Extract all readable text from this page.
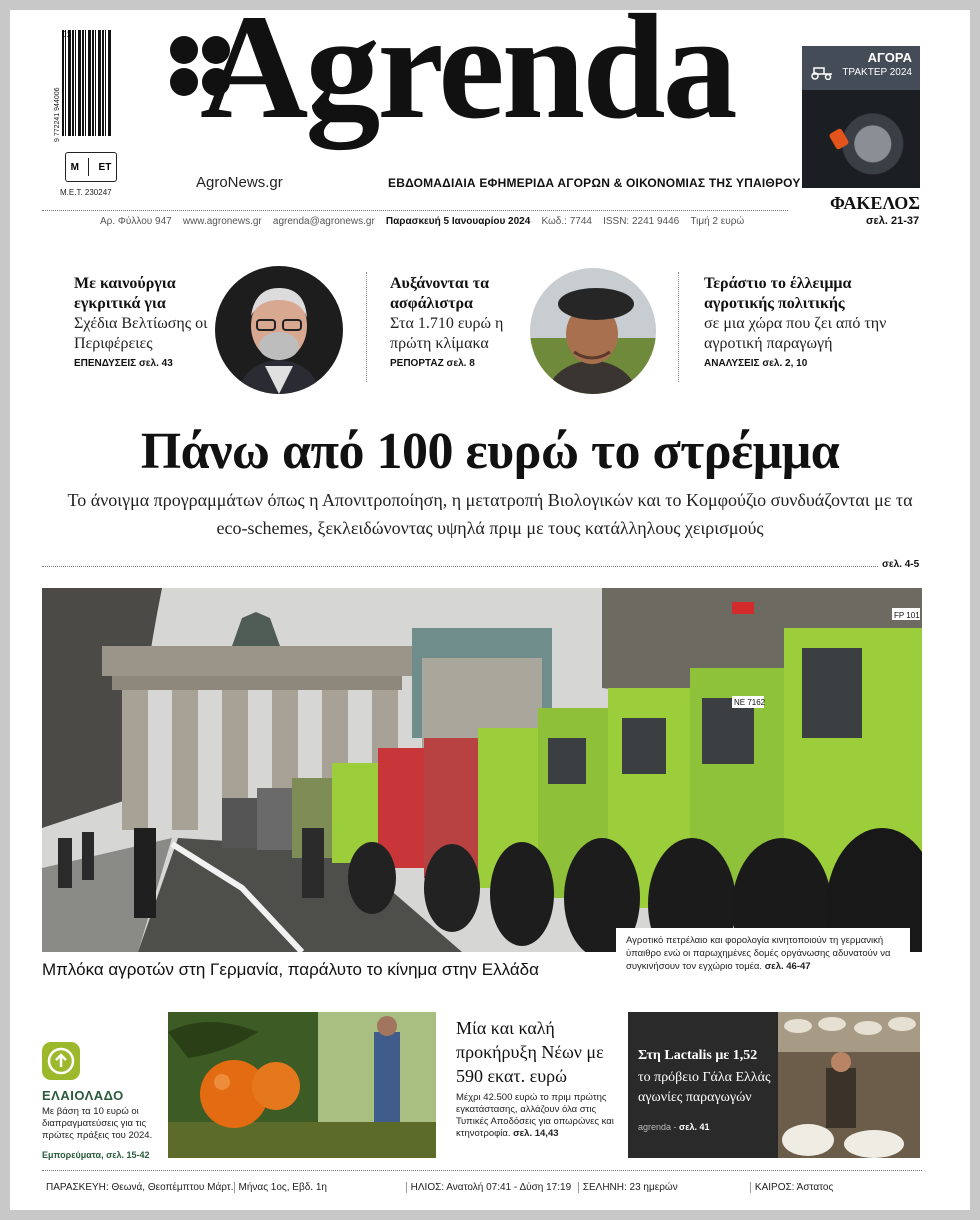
9 772241 944006
01
Μ ΕΤ
Μ.Ε.Τ. 230247
Agrenda
AgroNews.gr	ΕΒΔΟΜΑΔΙΑΙΑ ΕΦΗΜΕΡΙΔΑ ΑΓΟΡΩΝ & ΟΙΚΟΝΟΜΙΑΣ ΤΗΣ ΥΠΑΙΘΡΟΥ
Αρ. Φύλλου 947 www.agronews.gr agrenda@agronews.gr Παρασκευή 5 Ιανουαρίου 2024 Κωδ.: 7744 ISSN: 2241 9446 Τιμή 2 ευρώ
ΑΓΟΡΑ
ΤΡΑΚΤΕΡ 2024
ΦΑΚΕΛΟΣ
σελ. 21-37
Με καινούργια εγκριτικά για
Σχέδια Βελτίωσης οι Περιφέρειες
ΕΠΕΝΔΥΣΕΙΣ σελ. 43
Αυξάνονται τα ασφάλιστρα
Στα 1.710 ευρώ η πρώτη κλίμακα
ΡΕΠΟΡΤΑΖ σελ. 8
Τεράστιο το έλλειμμα αγροτικής πολιτικής
σε μια χώρα που ζει από την αγροτική παραγωγή
ΑΝΑΛΥΣΕΙΣ σελ. 2, 10
Πάνω από 100 ευρώ το στρέμμα
Το άνοιγμα προγραμμάτων όπως η Απονιτροποίηση, η μετατροπή Βιολογικών και το Κομφούζιο συνδυάζονται με τα eco-schemes, ξεκλειδώνοντας υψηλά πριμ με τους κατάλληλους χειρισμούς
σελ. 4-5
FP 101
NE 7162
Μπλόκα αγροτών στη Γερμανία, παράλυτο το κίνημα στην Ελλάδα
Αγροτικό πετρέλαιο και φορολογία κινητοποιούν τη γερμανική ύπαιθρο ενώ οι παρωχημένες δομές οργάνωσης αδυνατούν να συγκινήσουν τον εγχώριο τομέα. σελ. 46-47
ΕΛΑΙΟΛΑΔΟ
Με βάση τα 10 ευρώ οι διαπραγματεύσεις για τις πρώτες πράξεις του 2024.
Εμπορεύματα, σελ. 15-42
Μία και καλή προκήρυξη Νέων με 590 εκατ. ευρώ
Μέχρι 42.500 ευρώ το πριμ πρώτης εγκατάστασης, αλλάζουν όλα στις Τυπικές Αποδόσεις για οπωρώνες και κτηνοτροφία. σελ. 14,43
Στη Lactalis με 1,52
το πρόβειο Γάλα Ελλάς αγωνίες παραγωγών
agrenda - σελ. 41
ΠΑΡΑΣΚΕΥΗ: Θεωνά, Θεοπέμπτου Μάρτ. Μήνας 1ος, Εβδ. 1η	ΗΛΙΟΣ: Ανατολή 07:41 - Δύση 17:19	ΣΕΛΗΝΗ: 23 ημερών	ΚΑΙΡΟΣ: Άστατος
